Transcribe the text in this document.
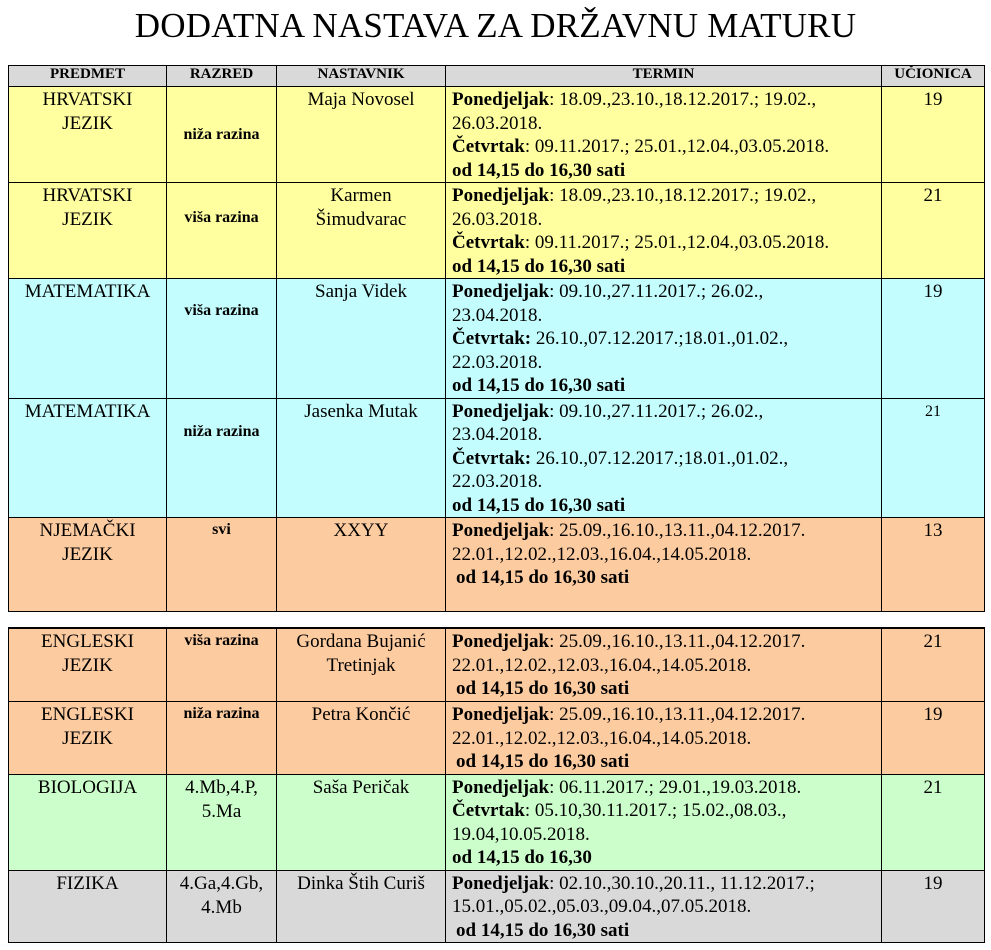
DODATNA NASTAVA ZA DRŽAVNU MATURU
PREDMET	RAZRED	NASTAVNIK	TERMIN	UČIONICA
HRVATSKI
JEZIK	niža razina	Maja Novosel	Ponedjeljak: 18.09.,23.10.,18.12.2017.; 19.02.,
26.03.2018.
Četvrtak: 09.11.2017.; 25.01.,12.04.,03.05.2018.
od 14,15 do 16,30 sati	19
HRVATSKI
JEZIK	viša razina	Karmen
Šimudvarac	Ponedjeljak: 18.09.,23.10.,18.12.2017.; 19.02.,
26.03.2018.
Četvrtak: 09.11.2017.; 25.01.,12.04.,03.05.2018.
od 14,15 do 16,30 sati	21
MATEMATIKA	viša razina	Sanja Videk	Ponedjeljak: 09.10.,27.11.2017.; 26.02.,
23.04.2018.
Četvrtak: 26.10.,07.12.2017.;18.01.,01.02.,
22.03.2018.
od 14,15 do 16,30 sati	19
MATEMATIKA	niža razina	Jasenka Mutak	Ponedjeljak: 09.10.,27.11.2017.; 26.02.,
23.04.2018.
Četvrtak: 26.10.,07.12.2017.;18.01.,01.02.,
22.03.2018.
od 14,15 do 16,30 sati	21
NJEMAČKI
JEZIK	svi	XXYY	Ponedjeljak: 25.09.,16.10.,13.11.,04.12.2017.
22.01.,12.02.,12.03.,16.04.,14.05.2018.
od 14,15 do 16,30 sati	13

ENGLESKI
JEZIK	viša razina	Gordana Bujanić
Tretinjak	Ponedjeljak: 25.09.,16.10.,13.11.,04.12.2017.
22.01.,12.02.,12.03.,16.04.,14.05.2018.
od 14,15 do 16,30 sati	21
ENGLESKI
JEZIK	niža razina	Petra Končić	Ponedjeljak: 25.09.,16.10.,13.11.,04.12.2017.
22.01.,12.02.,12.03.,16.04.,14.05.2018.
od 14,15 do 16,30 sati	19
BIOLOGIJA	4.Mb,4.P,
5.Ma	Saša Peričak	Ponedjeljak: 06.11.2017.; 29.01.,19.03.2018.
Četvrtak: 05.10,30.11.2017.; 15.02.,08.03.,
19.04,10.05.2018.
od 14,15 do 16,30	21
FIZIKA	4.Ga,4.Gb,
4.Mb	Dinka Štih Curiš	Ponedjeljak: 02.10.,30.10.,20.11., 11.12.2017.;
15.01.,05.02.,05.03.,09.04.,07.05.2018.
od 14,15 do 16,30 sati	19
